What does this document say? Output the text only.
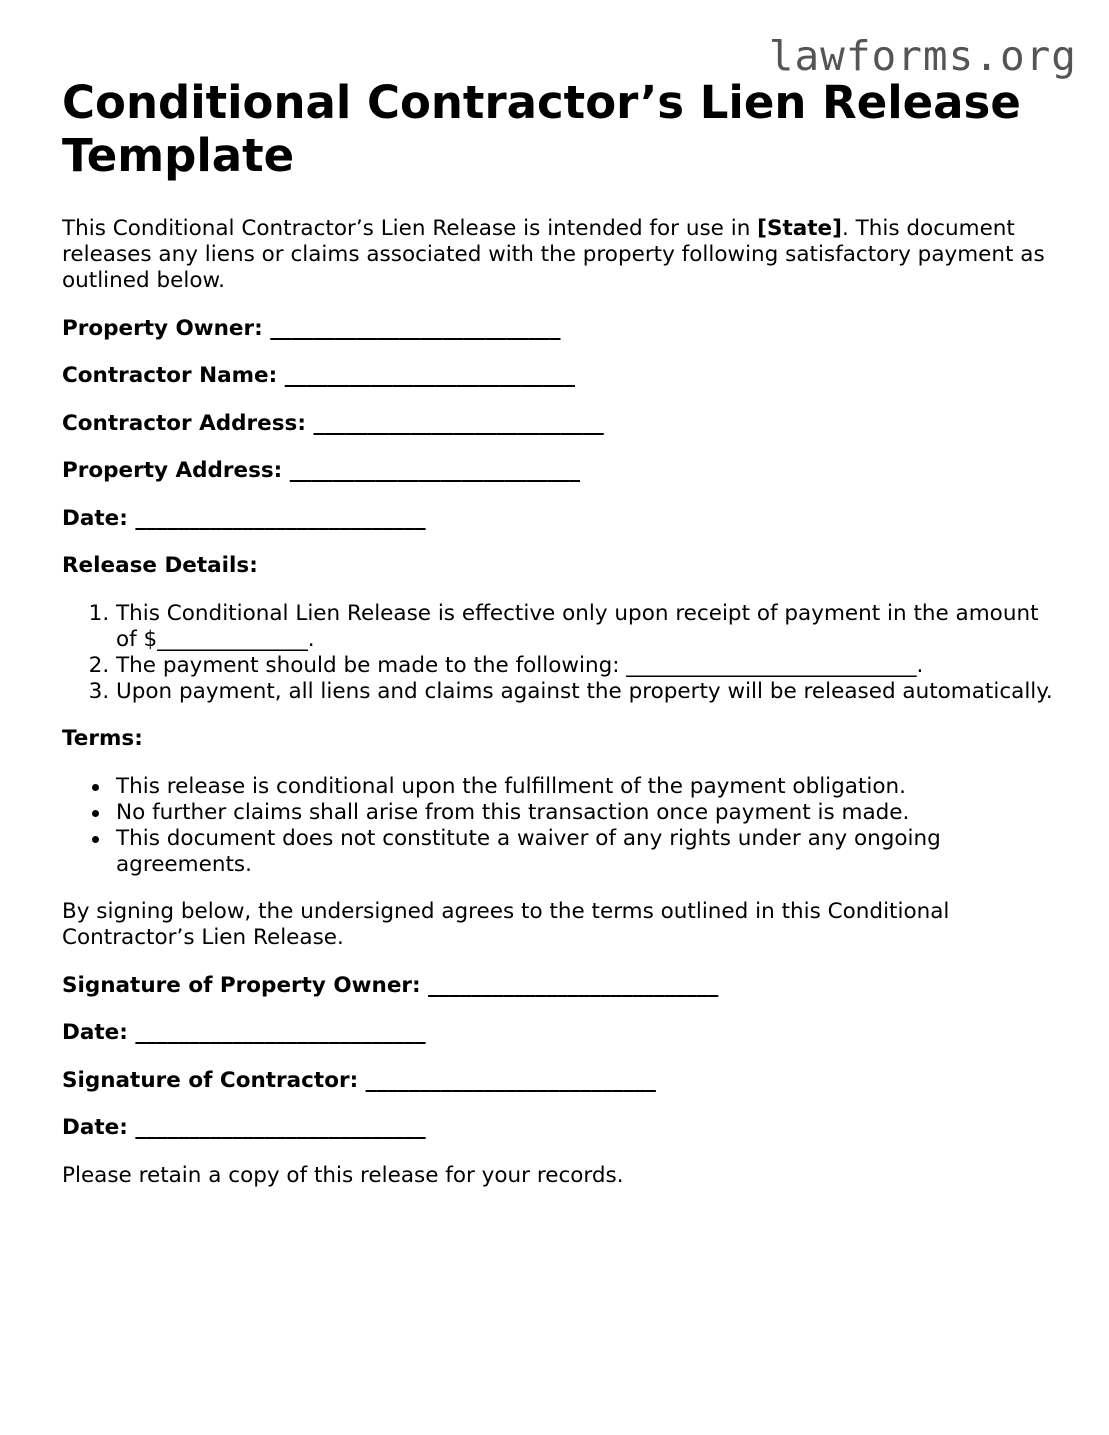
lawforms.org
Conditional Contractor’s Lien Release Template

This Conditional Contractor’s Lien Release is intended for use in [State]. This document releases any liens or claims associated with the property following satisfactory payment as outlined below.

Property Owner: ___________________________

Contractor Name: ___________________________

Contractor Address: ___________________________

Property Address: ___________________________

Date: ___________________________

Release Details:

1. This Conditional Lien Release is effective only upon receipt of payment in the amount of $______________.
2. The payment should be made to the following: ___________________________.
3. Upon payment, all liens and claims against the property will be released automatically.

Terms:

This release is conditional upon the fulfillment of the payment obligation.
No further claims shall arise from this transaction once payment is made.
This document does not constitute a waiver of any rights under any ongoing agreements.

By signing below, the undersigned agrees to the terms outlined in this Conditional Contractor’s Lien Release.

Signature of Property Owner: ___________________________

Date: ___________________________

Signature of Contractor: ___________________________

Date: ___________________________

Please retain a copy of this release for your records.
